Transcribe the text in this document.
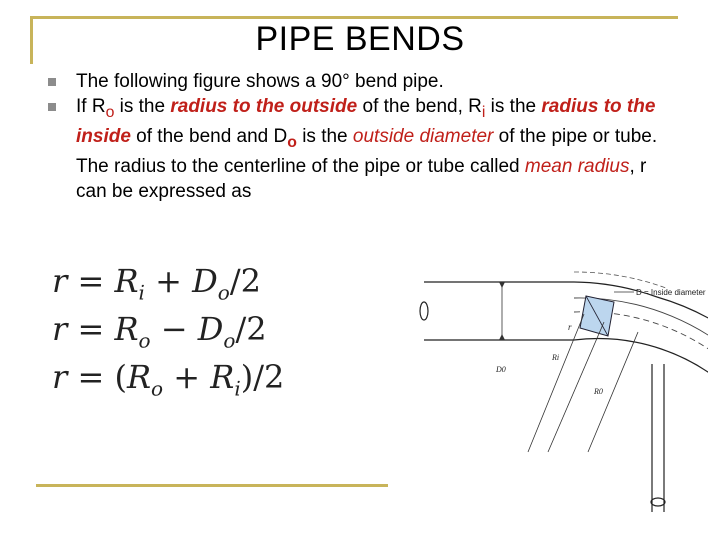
PIPE BENDS
The following figure shows a 90° bend pipe.
If $R_o$ is the radius to the outside of the bend, $R_i$ is the radius to the inside of the bend and $D_o$ is the outside diameter of the pipe or tube. The radius to the centerline of the pipe or tube called mean radius, r can be expressed as
$r = R_i + D_o/2$
$r = R_o - D_o/2$
$r = (R_o + R_i)/2$
D = Inside diameter
r
Ri
D0
R0
